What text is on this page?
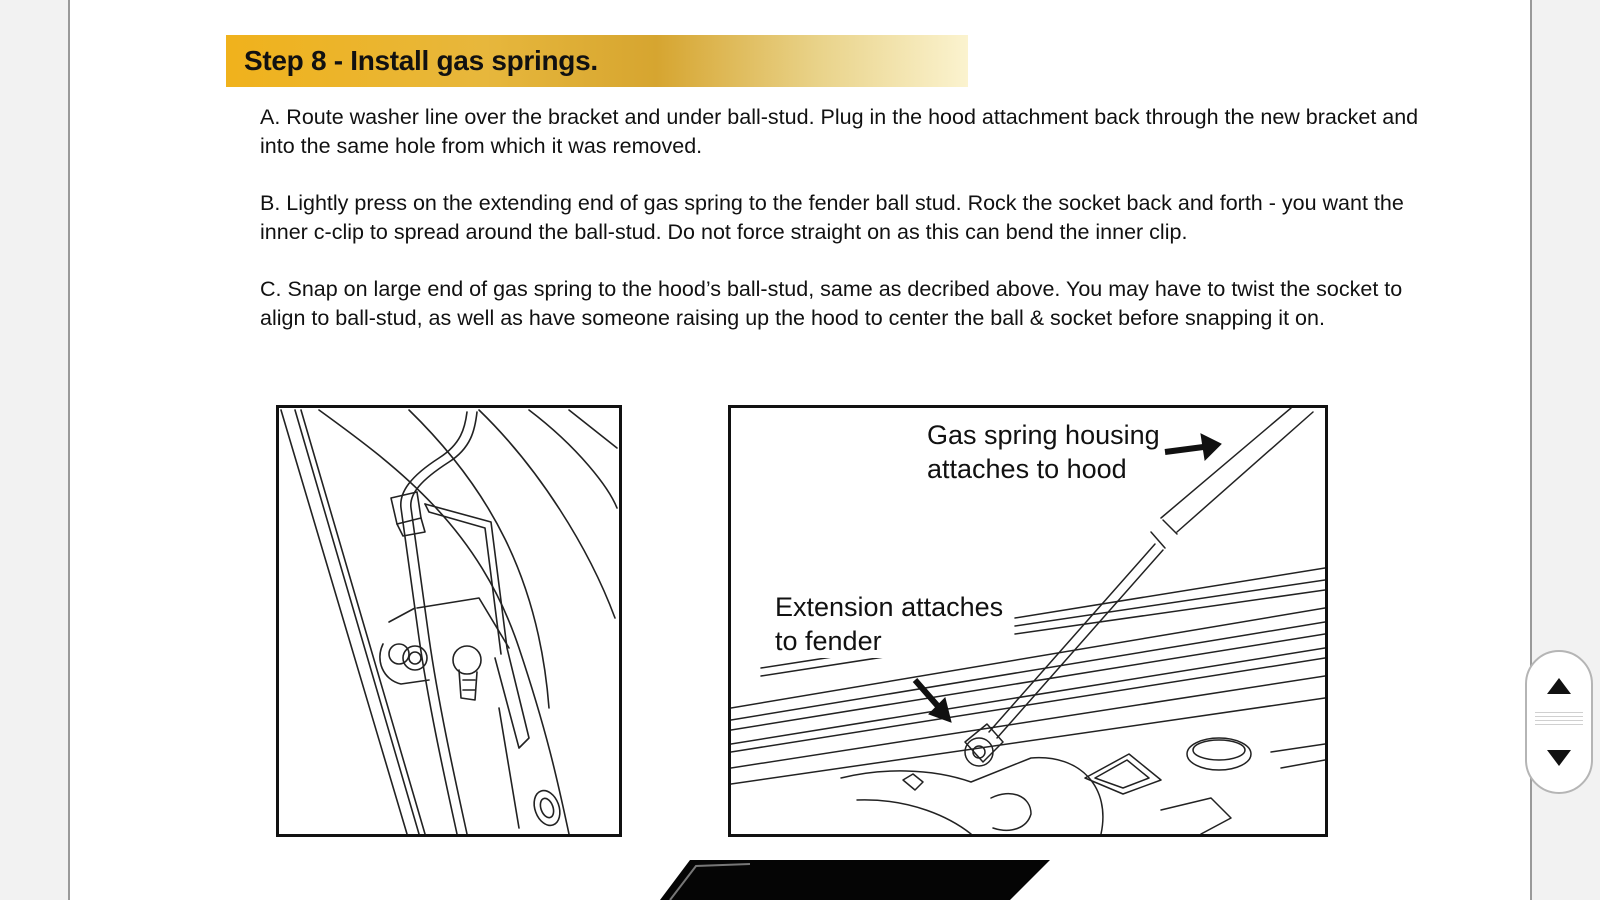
Step 8 - Install gas springs.

A. Route washer line over the bracket and under ball-stud. Plug in the hood attachment back through the new bracket and into the same hole from which it was removed.

B. Lightly press on the extending end of gas spring to the fender ball stud. Rock the socket back and forth - you want the inner c-clip to spread around the ball-stud. Do not force straight on as this can bend the inner clip.

C. Snap on large end of gas spring to the hood’s ball-stud, same as decribed above. You may have to twist the socket to align to ball-stud, as well as have someone raising up the hood to center the ball & socket before snapping it on.

Gas spring housing
attaches to hood
Extension attaches
to fender
